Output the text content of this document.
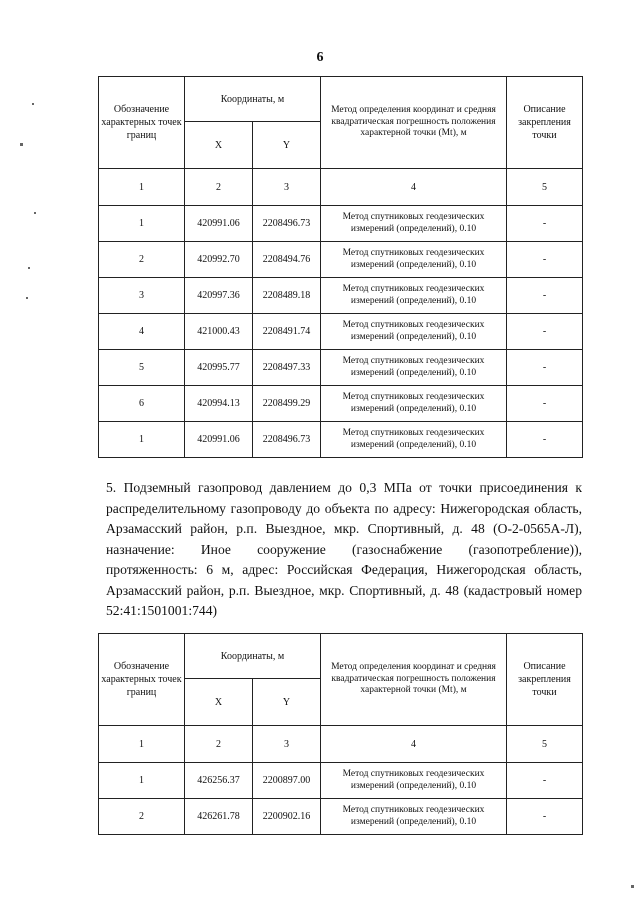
6
Обозначение характерных точек границ	Координаты, м		Метод определения координат и средняя квадратическая погрешность положения характерной точки (Mt), м	Описание закрепления точки
	X	Y		
1	2	3	4	5
1	420991.06	2208496.73	Метод спутниковых геодезических измерений (определений), 0.10	-
2	420992.70	2208494.76	Метод спутниковых геодезических измерений (определений), 0.10	-
3	420997.36	2208489.18	Метод спутниковых геодезических измерений (определений), 0.10	-
4	421000.43	2208491.74	Метод спутниковых геодезических измерений (определений), 0.10	-
5	420995.77	2208497.33	Метод спутниковых геодезических измерений (определений), 0.10	-
6	420994.13	2208499.29	Метод спутниковых геодезических измерений (определений), 0.10	-
1	420991.06	2208496.73	Метод спутниковых геодезических измерений (определений), 0.10	-

5. Подземный газопровод давлением до 0,3 МПа от точки присоединения к распределительному газопроводу до объекта по адресу: Нижегородская область, Арзамасский район, р.п. Выездное, мкр. Спортивный, д. 48 (О-2-0565А-Л), назначение: Иное сооружение (газоснабжение (газопотребление)), протяженность: 6 м, адрес: Российская Федерация, Нижегородская область, Арзамасский район, р.п. Выездное, мкр. Спортивный, д. 48 (кадастровый номер 52:41:1501001:744)

Обозначение характерных точек границ	Координаты, м		Метод определения координат и средняя квадратическая погрешность положения характерной точки (Mt), м	Описание закрепления точки
	X	Y		
1	2	3	4	5
1	426256.37	2200897.00	Метод спутниковых геодезических измерений (определений), 0.10	-
2	426261.78	2200902.16	Метод спутниковых геодезических измерений (определений), 0.10	-
